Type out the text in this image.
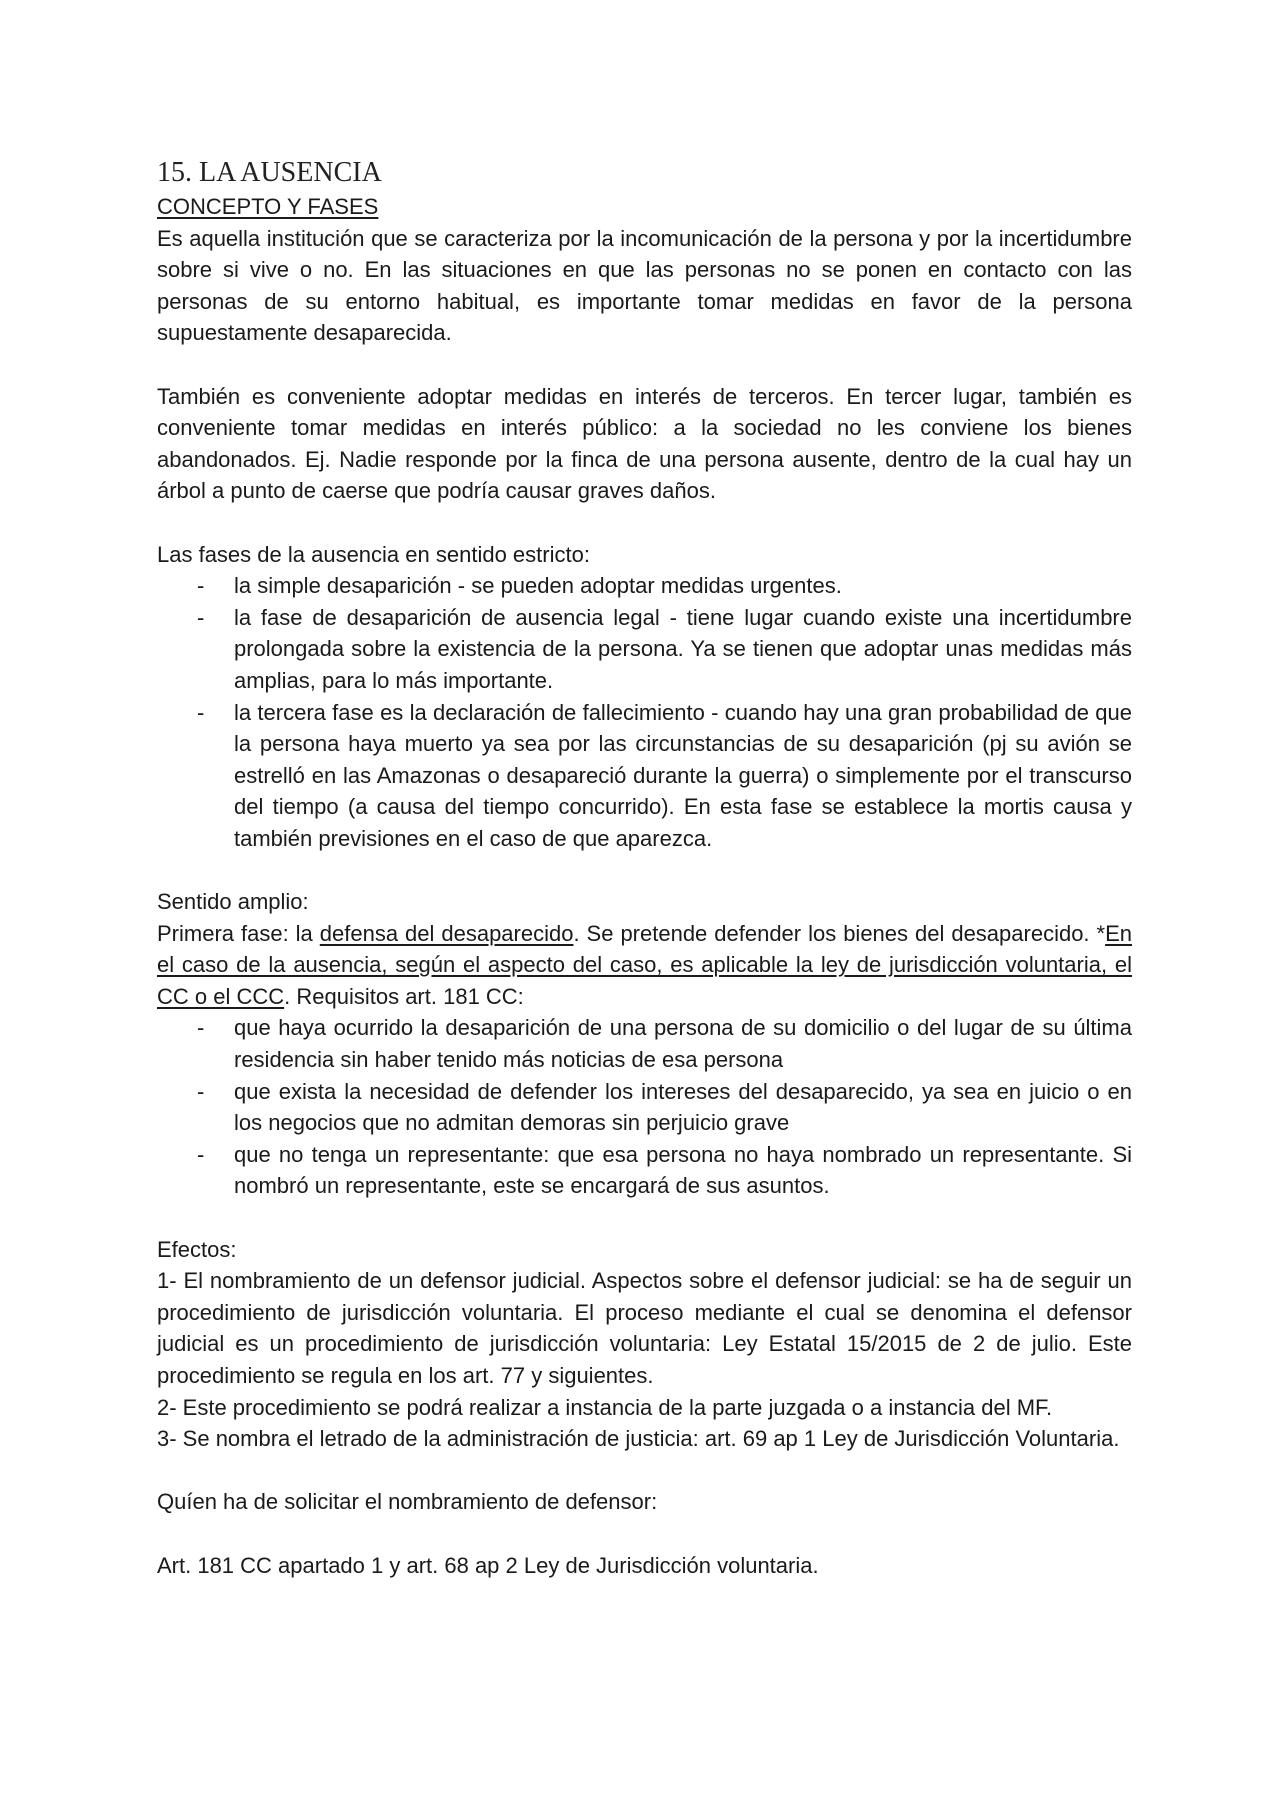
15. LA AUSENCIA

CONCEPTO Y FASES

Es aquella institución que se caracteriza por la incomunicación de la persona y por la incertidumbre sobre si vive o no. En las situaciones en que las personas no se ponen en contacto con las personas de su entorno habitual, es importante tomar medidas en favor de la persona supuestamente desaparecida.

También es conveniente adoptar medidas en interés de terceros. En tercer lugar, también es conveniente tomar medidas en interés público: a la sociedad no les conviene los bienes abandonados. Ej. Nadie responde por la finca de una persona ausente, dentro de la cual hay un árbol a punto de caerse que podría causar graves daños.

Las fases de la ausencia en sentido estricto:

- la simple desaparición - se pueden adoptar medidas urgentes.
- la fase de desaparición de ausencia legal - tiene lugar cuando existe una incertidumbre prolongada sobre la existencia de la persona. Ya se tienen que adoptar unas medidas más amplias, para lo más importante.
- la tercera fase es la declaración de fallecimiento - cuando hay una gran probabilidad de que la persona haya muerto ya sea por las circunstancias de su desaparición (pj su avión se estrelló en las Amazonas o desapareció durante la guerra) o simplemente por el transcurso del tiempo (a causa del tiempo concurrido). En esta fase se establece la mortis causa y también previsiones en el caso de que aparezca.

Sentido amplio:

Primera fase: la defensa del desaparecido. Se pretende defender los bienes del desaparecido. *En el caso de la ausencia, según el aspecto del caso, es aplicable la ley de jurisdicción voluntaria, el CC o el CCC. Requisitos art. 181 CC:

- que haya ocurrido la desaparición de una persona de su domicilio o del lugar de su última residencia sin haber tenido más noticias de esa persona
- que exista la necesidad de defender los intereses del desaparecido, ya sea en juicio o en los negocios que no admitan demoras sin perjuicio grave
- que no tenga un representante: que esa persona no haya nombrado un representante. Si nombró un representante, este se encargará de sus asuntos.

Efectos:

1- El nombramiento de un defensor judicial. Aspectos sobre el defensor judicial: se ha de seguir un procedimiento de jurisdicción voluntaria. El proceso mediante el cual se denomina el defensor judicial es un procedimiento de jurisdicción voluntaria: Ley Estatal 15/2015 de 2 de julio. Este procedimiento se regula en los art. 77 y siguientes.

2- Este procedimiento se podrá realizar a instancia de la parte juzgada o a instancia del MF.

3- Se nombra el letrado de la administración de justicia: art. 69 ap 1 Ley de Jurisdicción Voluntaria.

Quíen ha de solicitar el nombramiento de defensor:

Art. 181 CC apartado 1 y art. 68 ap 2 Ley de Jurisdicción voluntaria.
